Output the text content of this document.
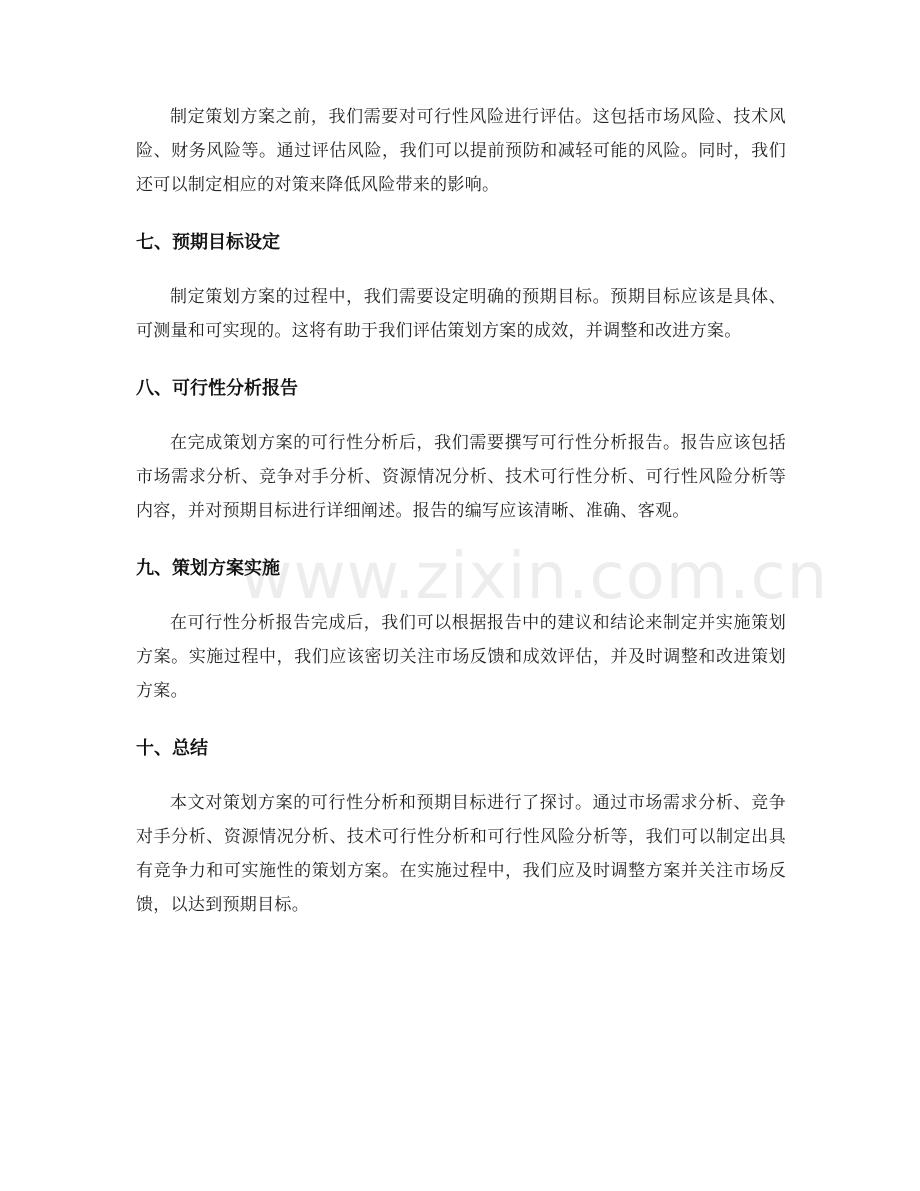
制定策划方案之前，我们需要对可行性风险进行评估。这包括市场风险、技术风险、财务风险等。通过评估风险，我们可以提前预防和减轻可能的风险。同时，我们还可以制定相应的对策来降低风险带来的影响。

七、预期目标设定

制定策划方案的过程中，我们需要设定明确的预期目标。预期目标应该是具体、可测量和可实现的。这将有助于我们评估策划方案的成效，并调整和改进方案。

八、可行性分析报告

在完成策划方案的可行性分析后，我们需要撰写可行性分析报告。报告应该包括市场需求分析、竞争对手分析、资源情况分析、技术可行性分析、可行性风险分析等内容，并对预期目标进行详细阐述。报告的编写应该清晰、准确、客观。

九、策划方案实施

在可行性分析报告完成后，我们可以根据报告中的建议和结论来制定并实施策划方案。实施过程中，我们应该密切关注市场反馈和成效评估，并及时调整和改进策划方案。

十、总结

本文对策划方案的可行性分析和预期目标进行了探讨。通过市场需求分析、竞争对手分析、资源情况分析、技术可行性分析和可行性风险分析等，我们可以制定出具有竞争力和可实施性的策划方案。在实施过程中，我们应及时调整方案并关注市场反馈，以达到预期目标。

www.zixin.com.cn
